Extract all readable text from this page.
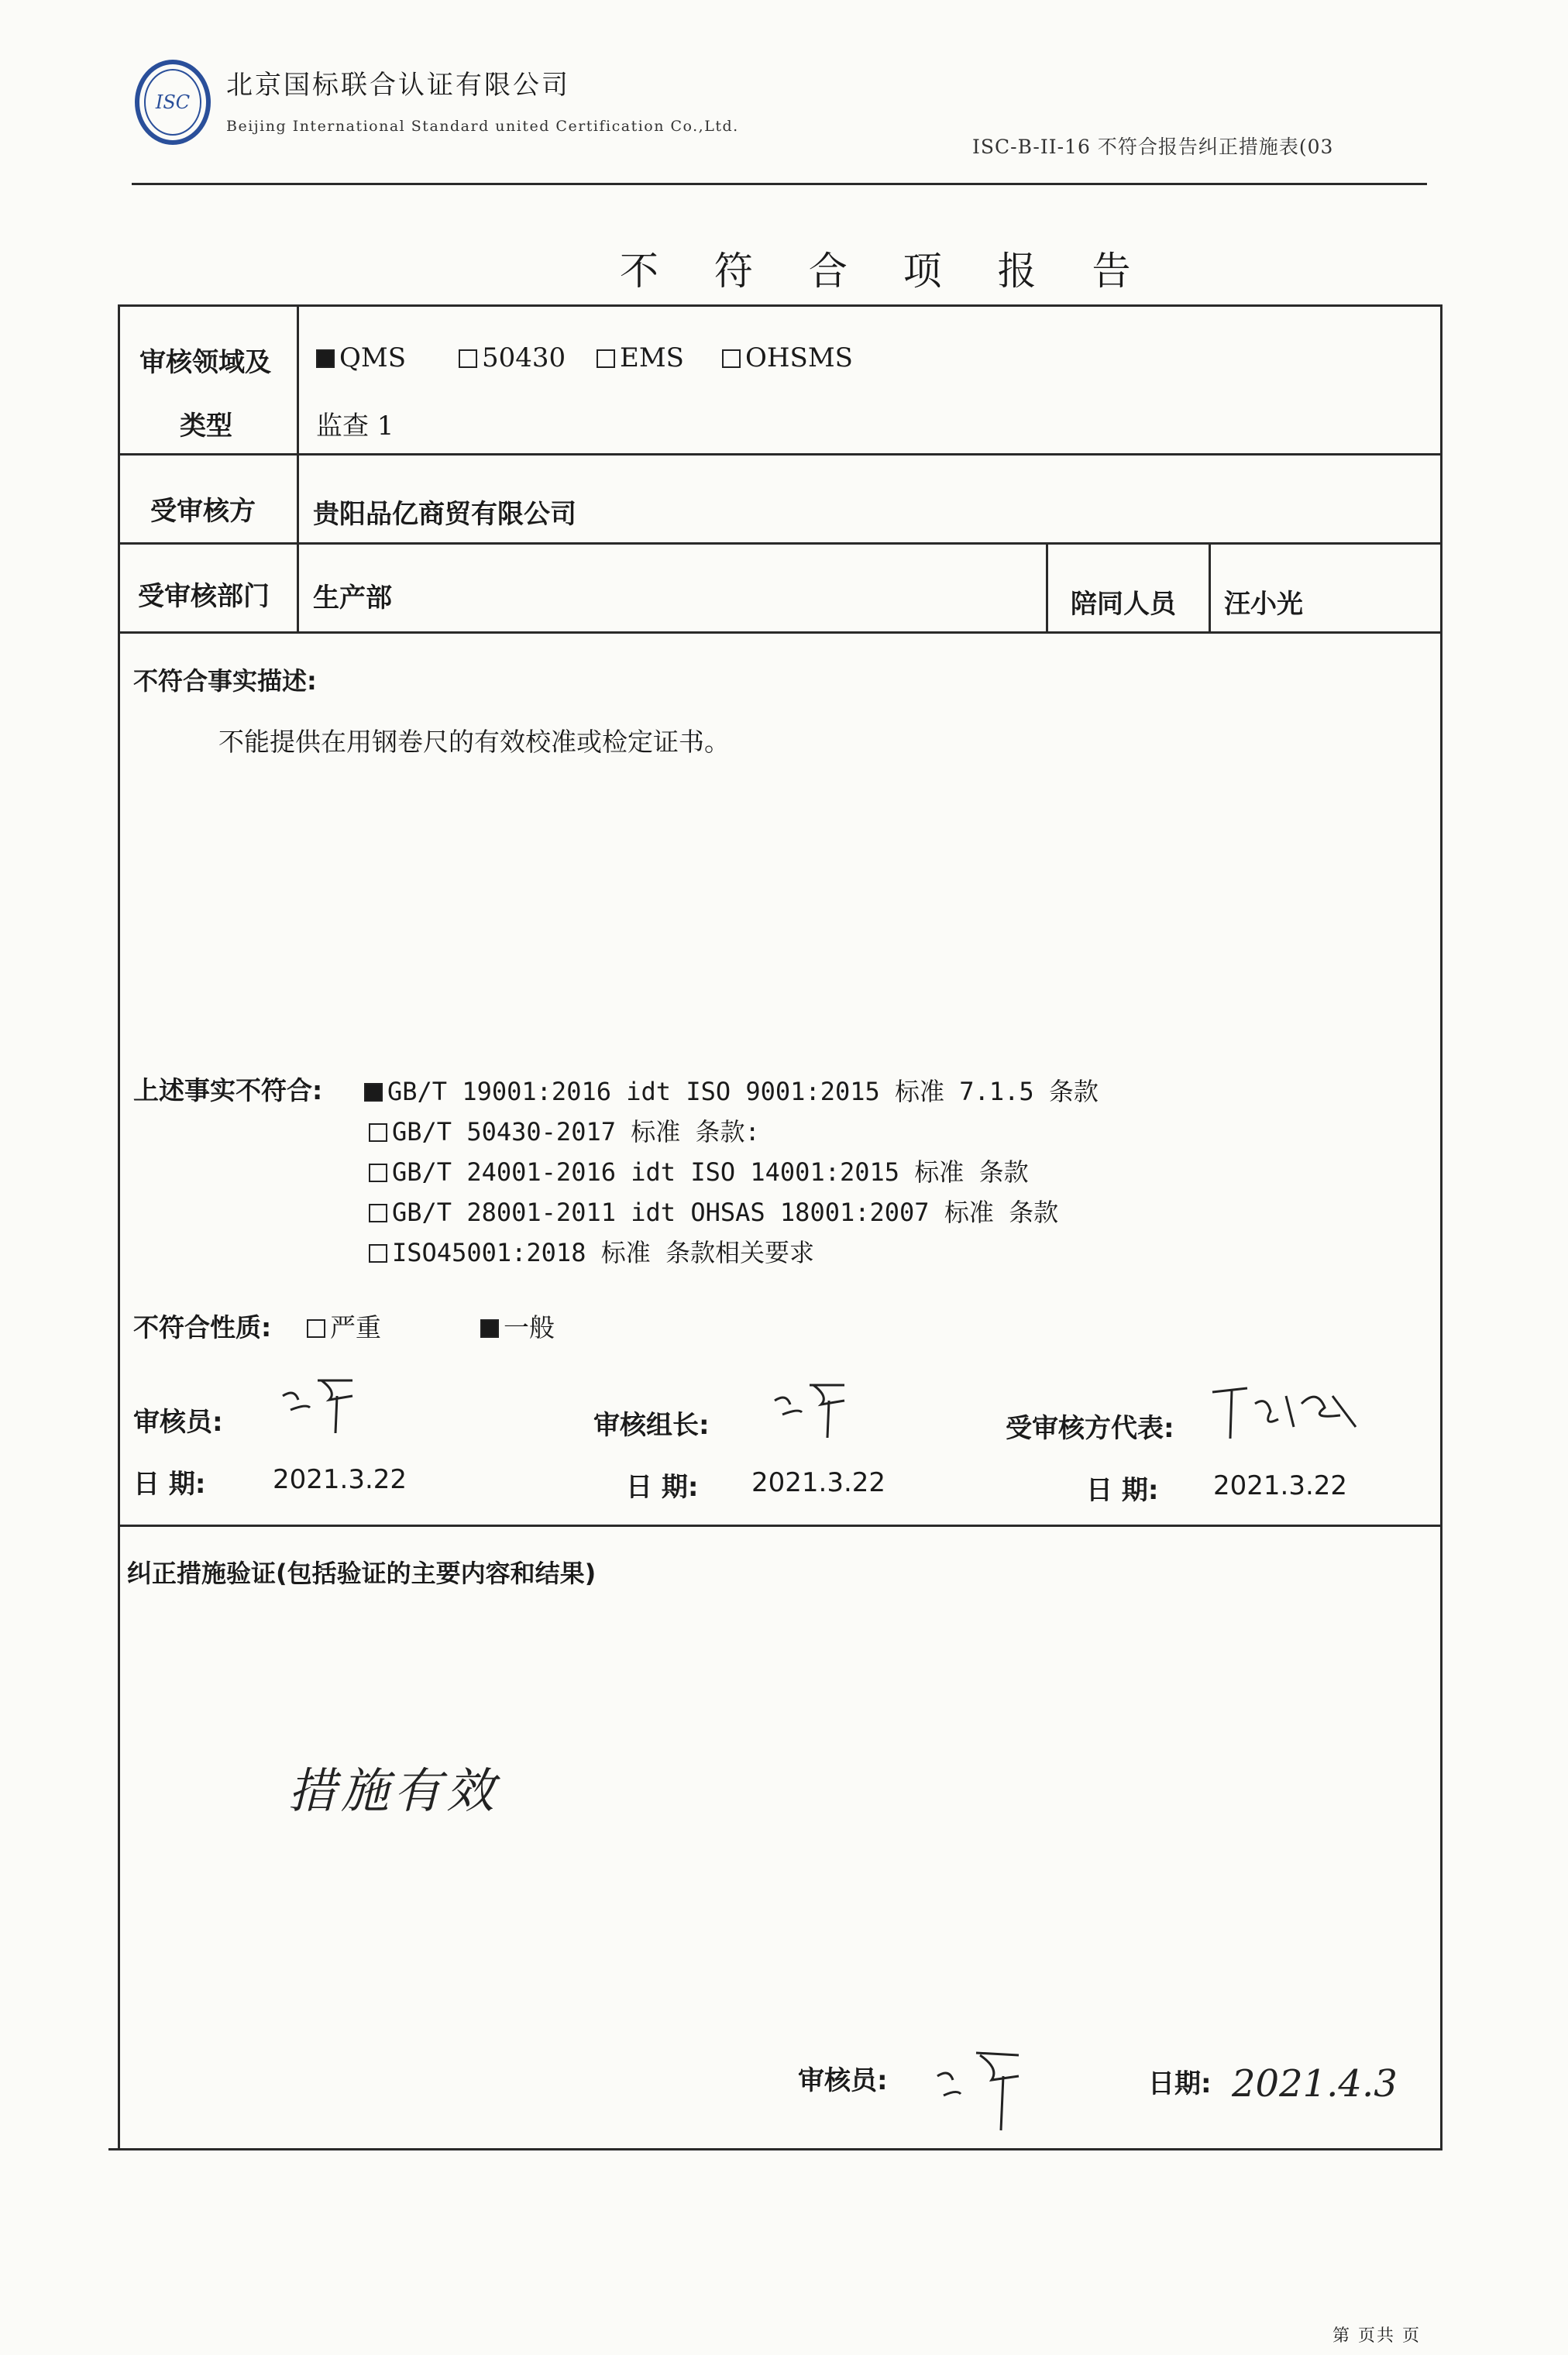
ISC
北京国标联合认证有限公司
Beijing International Standard united Certification Co.,Ltd.
ISC-B-II-16 不符合报告纠正措施表(03
不 符 合 项 报 告
审核领域及
类型
QMS	50430	EMS	OHSMS
监查 1
受审核方 贵阳品亿商贸有限公司
受审核部门 生产部	陪同人员 汪小光
不符合事实描述:
不能提供在用钢卷尺的有效校准或检定证书。
上述事实不符合:	GB/T 19001:2016 idt ISO 9001:2015 标准 7.1.5 条款
GB/T 50430-2017 标准 条款:
GB/T 24001-2016 idt ISO 14001:2015 标准 条款
GB/T 28001-2011 idt OHSAS 18001:2007 标准 条款
ISO45001:2018 标准 条款相关要求
不符合性质:	严重	一般
审核员:	审核组长:	受审核方代表:
日 期:	2021.3.22	日 期: 2021.3.22	日 期: 2021.3.22
纠正措施验证(包括验证的主要内容和结果)
措施有效
审核员:	日期: 2021.4.3
第 页共 页
